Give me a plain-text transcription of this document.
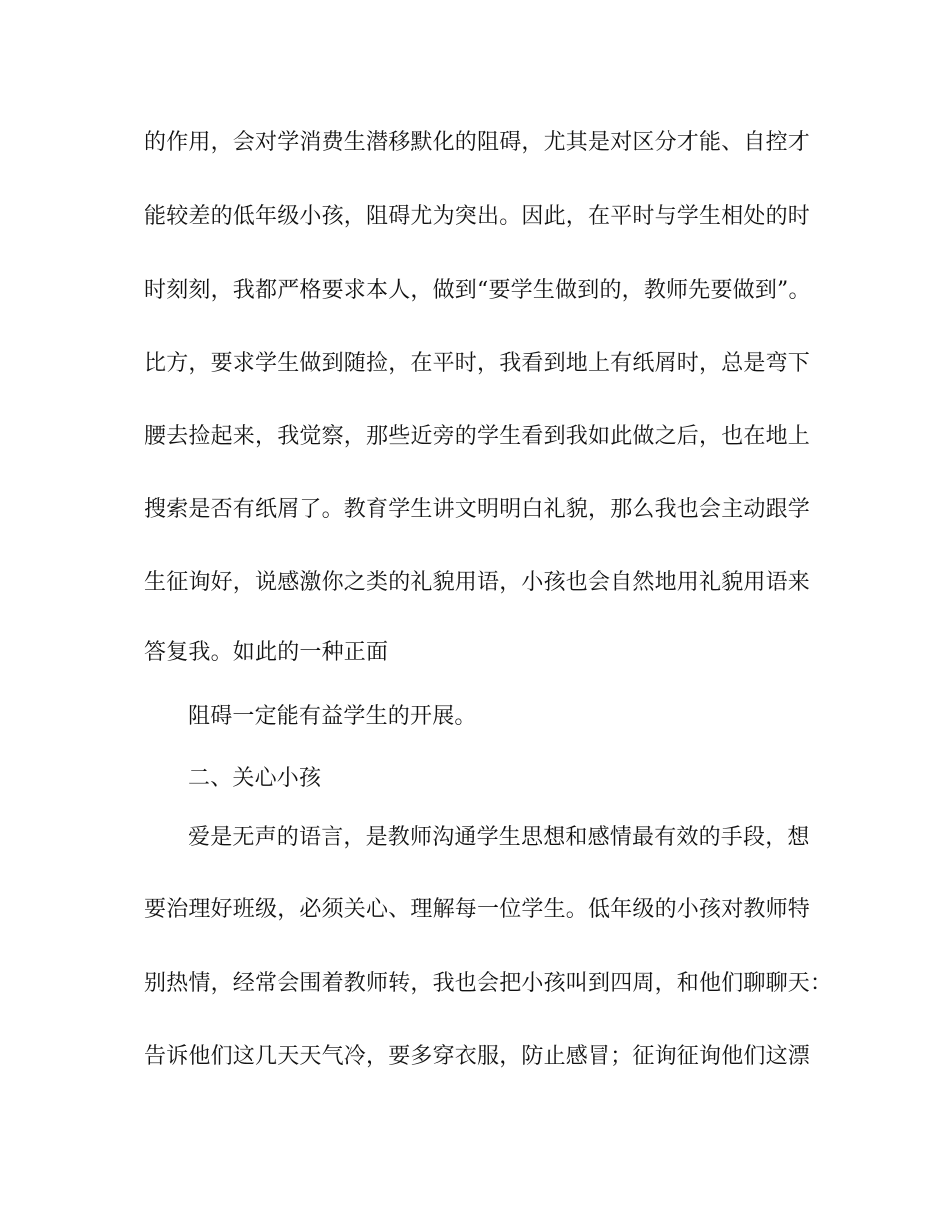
的作用，会对学消费生潜移默化的阻碍，尤其是对区分才能、自控才
能较差的低年级小孩，阻碍尤为突出。因此，在平时与学生相处的时
时刻刻，我都严格要求本人，做到“要学生做到的，教师先要做到”。
比方，要求学生做到随捡，在平时，我看到地上有纸屑时，总是弯下
腰去捡起来，我觉察，那些近旁的学生看到我如此做之后，也在地上
搜索是否有纸屑了。教育学生讲文明明白礼貌，那么我也会主动跟学
生征询好，说感激你之类的礼貌用语，小孩也会自然地用礼貌用语来
答复我。如此的一种正面
阻碍一定能有益学生的开展。
二、关心小孩
爱是无声的语言，是教师沟通学生思想和感情最有效的手段，想
要治理好班级，必须关心、理解每一位学生。低年级的小孩对教师特
别热情，经常会围着教师转，我也会把小孩叫到四周，和他们聊聊天：
告诉他们这几天天气冷，要多穿衣服，防止感冒；征询征询他们这漂
